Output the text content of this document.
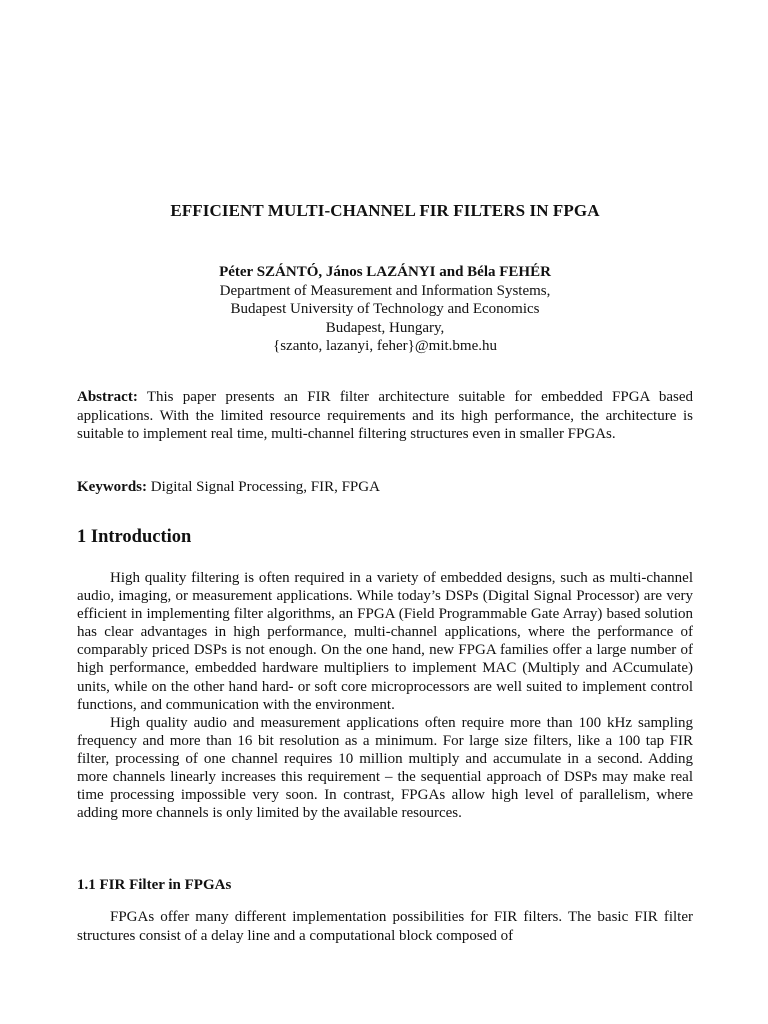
EFFICIENT MULTI-CHANNEL FIR FILTERS IN FPGA
Péter SZÁNTÓ, János LAZÁNYI and Béla FEHÉR
Department of Measurement and Information Systems,
Budapest University of Technology and Economics
Budapest, Hungary,
{szanto, lazanyi, feher}@mit.bme.hu
Abstract: This paper presents an FIR filter architecture suitable for embedded FPGA based applications. With the limited resource requirements and its high performance, the architecture is suitable to implement real time, multi-channel filtering structures even in smaller FPGAs.
Keywords: Digital Signal Processing, FIR, FPGA
1 Introduction

High quality filtering is often required in a variety of embedded designs, such as multi-channel audio, imaging, or measurement applications. While today’s DSPs (Digital Signal Processor) are very efficient in implementing filter algorithms, an FPGA (Field Programmable Gate Array) based solution has clear advantages in high performance, multi-channel applications, where the performance of comparably priced DSPs is not enough. On the one hand, new FPGA families offer a large number of high performance, embedded hardware multipliers to implement MAC (Multiply and ACcumulate) units, while on the other hand hard- or soft core microprocessors are well suited to implement control functions, and communication with the environment.

High quality audio and measurement applications often require more than 100 kHz sampling frequency and more than 16 bit resolution as a minimum. For large size filters, like a 100 tap FIR filter, processing of one channel requires 10 million multiply and accumulate in a second. Adding more channels linearly increases this requirement – the sequential approach of DSPs may make real time processing impossible very soon. In contrast, FPGAs allow high level of parallelism, where adding more channels is only limited by the available resources.

1.1 FIR Filter in FPGAs

FPGAs offer many different implementation possibilities for FIR filters. The basic FIR filter structures consist of a delay line and a computational block composed of
